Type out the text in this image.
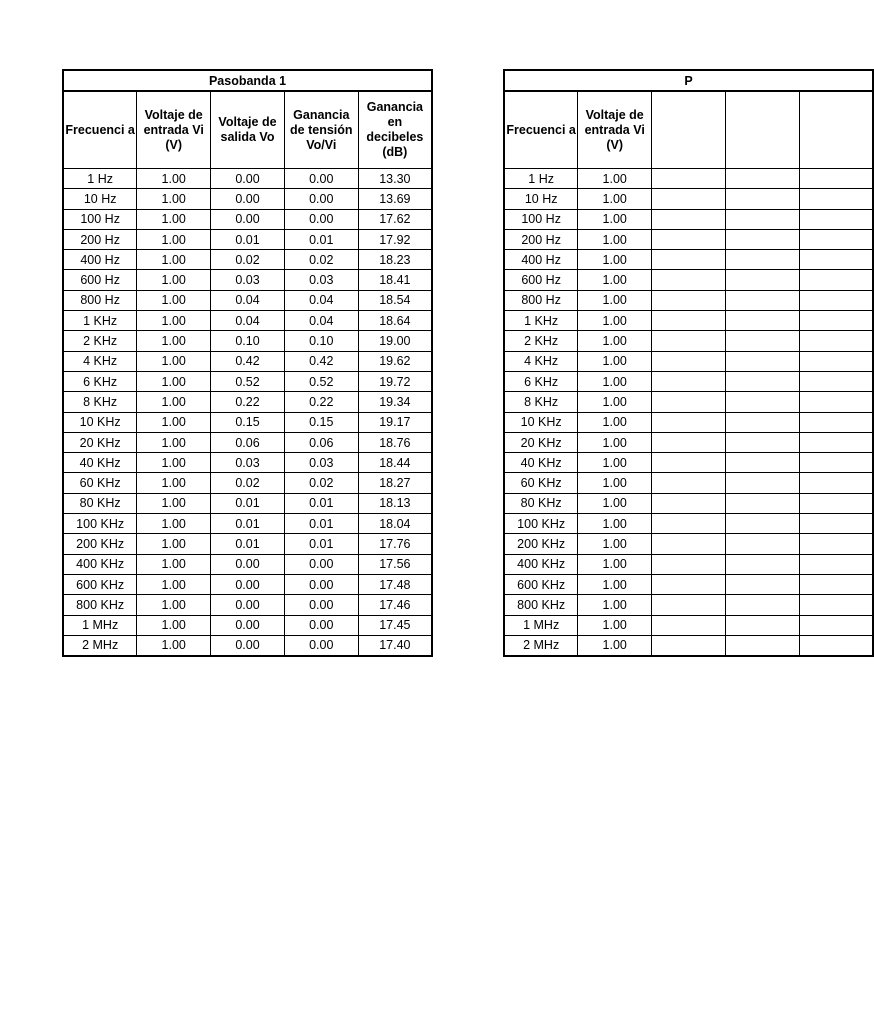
Pasobanda 1				
Frecuenci a	Voltaje de entrada Vi (V)	Voltaje de salida Vo	Ganancia de tensión Vo/Vi	Ganancia en decibeles (dB)
1 Hz	1.00	0.00	0.00	13.30
10 Hz	1.00	0.00	0.00	13.69
100 Hz	1.00	0.00	0.00	17.62
200 Hz	1.00	0.01	0.01	17.92
400 Hz	1.00	0.02	0.02	18.23
600 Hz	1.00	0.03	0.03	18.41
800 Hz	1.00	0.04	0.04	18.54
1 KHz	1.00	0.04	0.04	18.64
2 KHz	1.00	0.10	0.10	19.00
4 KHz	1.00	0.42	0.42	19.62
6 KHz	1.00	0.52	0.52	19.72
8 KHz	1.00	0.22	0.22	19.34
10 KHz	1.00	0.15	0.15	19.17
20 KHz	1.00	0.06	0.06	18.76
40 KHz	1.00	0.03	0.03	18.44
60 KHz	1.00	0.02	0.02	18.27
80 KHz	1.00	0.01	0.01	18.13
100 KHz	1.00	0.01	0.01	18.04
200 KHz	1.00	0.01	0.01	17.76
400 KHz	1.00	0.00	0.00	17.56
600 KHz	1.00	0.00	0.00	17.48
800 KHz	1.00	0.00	0.00	17.46
1 MHz	1.00	0.00	0.00	17.45
2 MHz	1.00	0.00	0.00	17.40
P				
Frecuenci a	Voltaje de entrada Vi (V)			
1 Hz	1.00			
10 Hz	1.00			
100 Hz	1.00			
200 Hz	1.00			
400 Hz	1.00			
600 Hz	1.00			
800 Hz	1.00			
1 KHz	1.00			
2 KHz	1.00			
4 KHz	1.00			
6 KHz	1.00			
8 KHz	1.00			
10 KHz	1.00			
20 KHz	1.00			
40 KHz	1.00			
60 KHz	1.00			
80 KHz	1.00			
100 KHz	1.00			
200 KHz	1.00			
400 KHz	1.00			
600 KHz	1.00			
800 KHz	1.00			
1 MHz	1.00			
2 MHz	1.00			
